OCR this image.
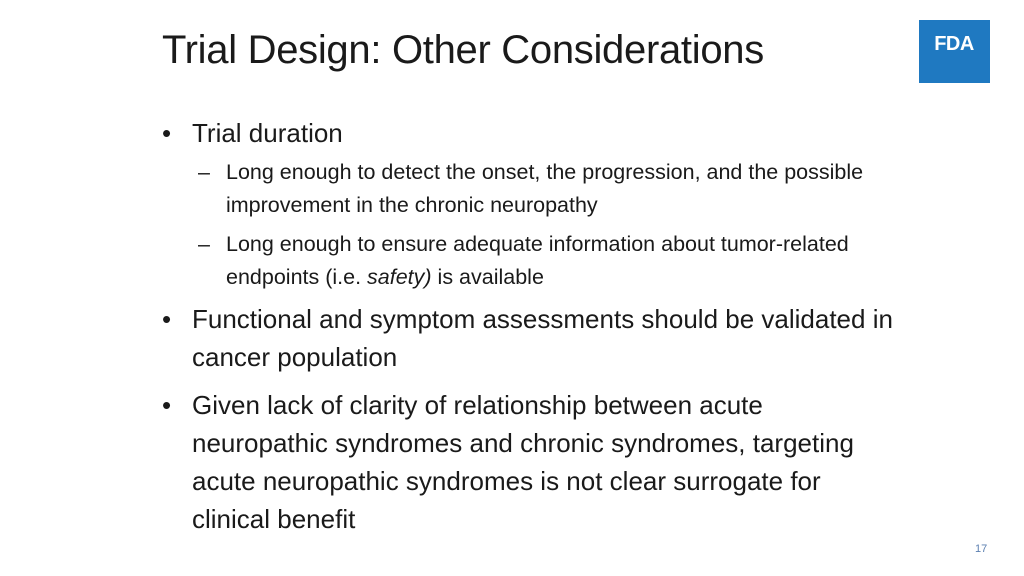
Trial Design: Other Considerations	FDA
• Trial duration
– Long enough to detect the onset, the progression, and the possible improvement in the chronic neuropathy
– Long enough to ensure adequate information about tumor-related endpoints (i.e. safety) is available
• Functional and symptom assessments should be validated in cancer population
• Given lack of clarity of relationship between acute neuropathic syndromes and chronic syndromes, targeting acute neuropathic syndromes is not clear surrogate for clinical benefit
17
